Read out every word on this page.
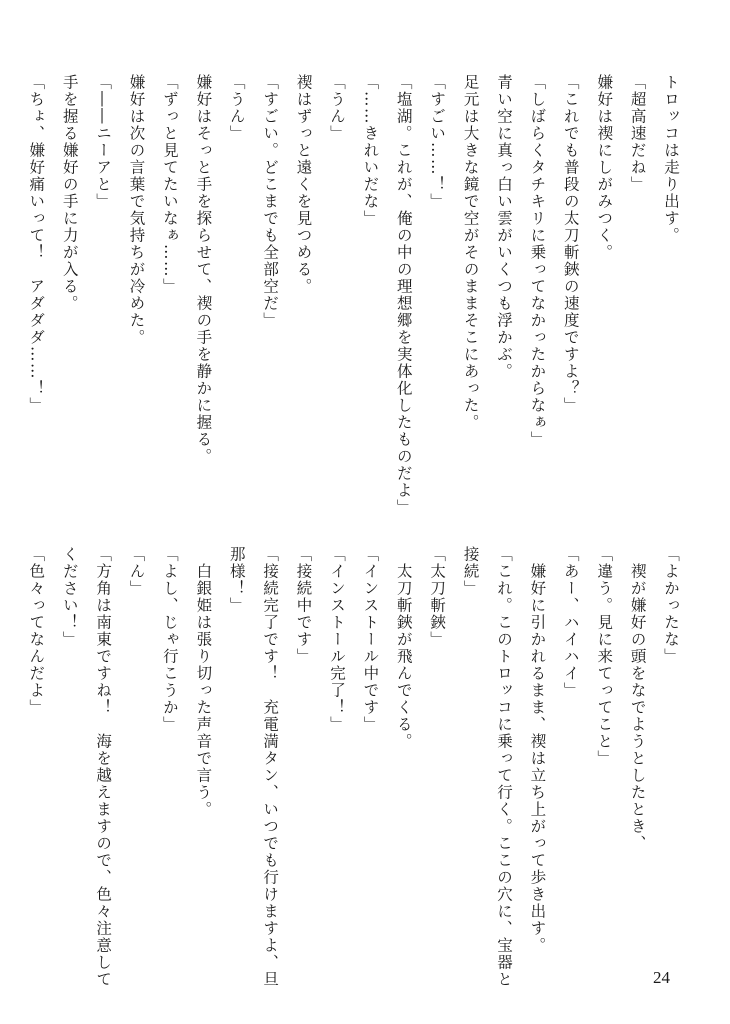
トロッコは走り出す。
「超高速だね」
嫌好は禊にしがみつく。
「これでも普段の太刀斬鋏の速度ですよ？」
「しばらくタチキリに乗ってなかったからなぁ」
青い空に真っ白い雲がいくつも浮かぶ。
足元は大きな鏡で空がそのままそこにあった。
「すごい……！」
「塩湖。これが、俺の中の理想郷を実体化したものだよ」
「……きれいだな」
「うん」
禊はずっと遠くを見つめる。
「すごい。どこまでも全部空だ」
「うん」
嫌好はそっと手を探らせて、禊の手を静かに握る。
「ずっと見てたいなぁ……」
嫌好は次の言葉で気持ちが冷めた。
「――ニーアと」
手を握る嫌好の手に力が入る。
「ちょ、嫌好痛いって！　アダダダ……！」
「よかったな」
　禊が嫌好の頭をなでようとしたとき、
「違う。見に来てってこと」
「あー、ハイハイ」
　嫌好に引かれるまま、禊は立ち上がって歩き出す。
「これ。このトロッコに乗って行く。ここの穴に、宝器と
接続」
「太刀斬鋏」
　太刀斬鋏が飛んでくる。
「インストール中です」
「インストール完了！」
「接続中です」
「接続完了です！　充電満タン、いつでも行けますよ、旦
那様！」
　白銀姫は張り切った声音で言う。
「よし、じゃ行こうか」
「ん」
「方角は南東ですね！　海を越えますので、色々注意して
ください！」
「色々ってなんだよ」
24
